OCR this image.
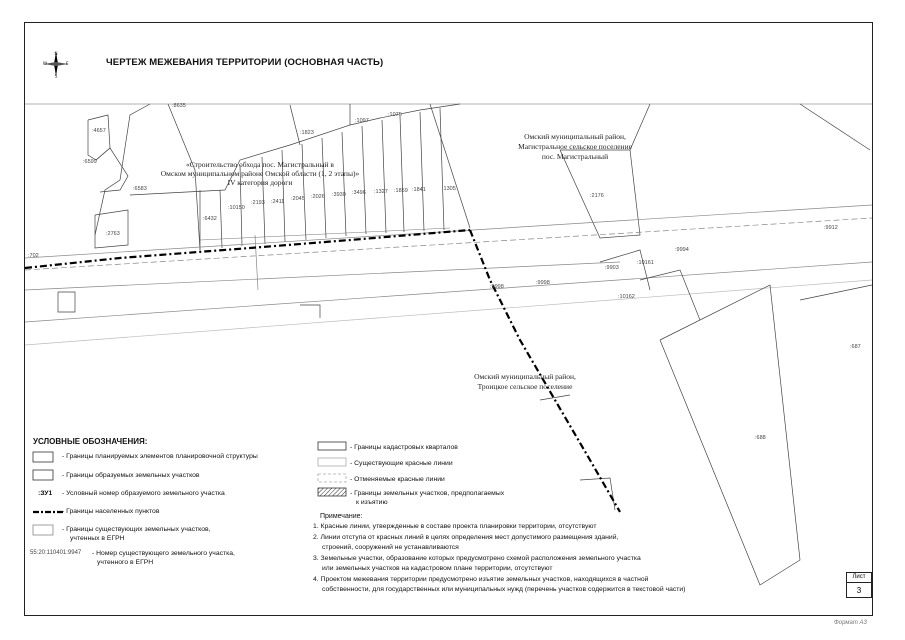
N
S
W	E	ЧЕРТЕЖ МЕЖЕВАНИЯ ТЕРРИТОРИИ (ОСНОВНАЯ ЧАСТЬ)
«Строительство обхода пос. Магистральный в
Омском муниципальном районе Омской области (1, 2 этапы)»
IV категория дороги
Омский муниципальный район,
Магистральное сельское поселение
пос. Магистральный
Омский муниципальный район,
Троицкое сельское поселение
:8635
:1823
:1097
:1075
:4657
:6599
:6583
:2763
:6432
:10150
:2193 :2411 :2045 :2026 :3930 :3496 :1327 :1859 :1841	:1305
:2176
:9912
:9994
:9903
:10161
:9998
:10162
:9998
:702
:687
:688
УСЛОВНЫЕ ОБОЗНАЧЕНИЯ:
- Границы планируемых элементов планировочной структуры
- Границы образуемых земельных участков
:ЗУ1 - Условный номер образуемого земельного участка
- Границы населенных пунктов
- Границы существующих земельных участков,
учтенных в ЕГРН
55:20:110401:9947 - Номер существующего земельного участка,
учтенного в ЕГРН
- Границы кадастровых кварталов
- Существующие красные линии
- Отменяемые красные линии
- Границы земельных участков, предполагаемых
к изъятию
Примечание:
1. Красные линии, утвержденные в составе проекта планировки территории, отсутствуют
2. Линии отступа от красных линий в целях определения мест допустимого размещения зданий,
строений, сооружений не устанавливаются
3. Земельные участки, образование которых предусмотрено схемой расположения земельного участка
или земельных участков на кадастровом плане территории, отсутствуют
4. Проектом межевания территории предусмотрено изъятие земельных участков, находящихся в частной
собственности, для государственных или муниципальных нужд (перечень участков содержится в текстовой части)
Лист
3
Формат А3
